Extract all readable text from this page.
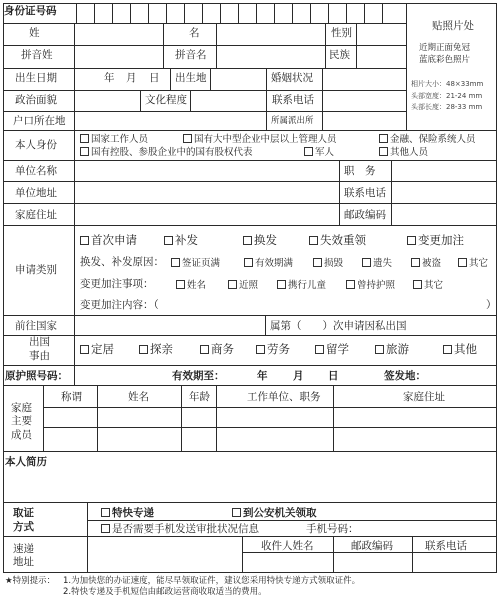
身份证号码
贴照片处
近期正面免冠
蓝底彩色照片
相片大小：48×33mm
头部宽度：21-24 mm
头部长度：28-33 mm
姓	名	性别
拼音姓	拼音名	民族
出生日期	年 月 日 出生地	婚姻状况
政治面貌	文化程度	联系电话
户口所在地	所属派出所
本人身份	国家工作人员	国有大中型企业中层以上管理人员	金融、保险系统人员
国有控股、参股企业中的国有股权代表	军人	其他人员
单位名称	职　务
单位地址	联系电话
家庭住址	邮政编码
申请类别
首次申请	补发	换发	失效重领	变更加注
换发、补发原因：	签证页满	有效期满	损毁	遗失	被盗	其它
变更加注事项：	姓名	近照	携行儿童	曾持护照	其它
变更加注内容：（	）
前往国家	属第（　　）次申请因私出国
出国
事由	定居	探亲	商务	劳务	留学	旅游	其他
原护照号码：	有效期至：	年 月 日	签发地：
家庭
主要
成员
称谓	姓名	年龄	工作单位、职务	家庭住址
本人简历
取证
方式
特快专递	到公安机关领取
是否需要手机发送审批状况信息	手机号码：
速递
地址
收件人姓名	邮政编码	联系电话
★特别提示： 1.为加快您的办证速度，能尽早领取证件，建议您采用特快专递方式领取证件。
2.特快专递及手机短信由邮政运营商收取适当的费用。
